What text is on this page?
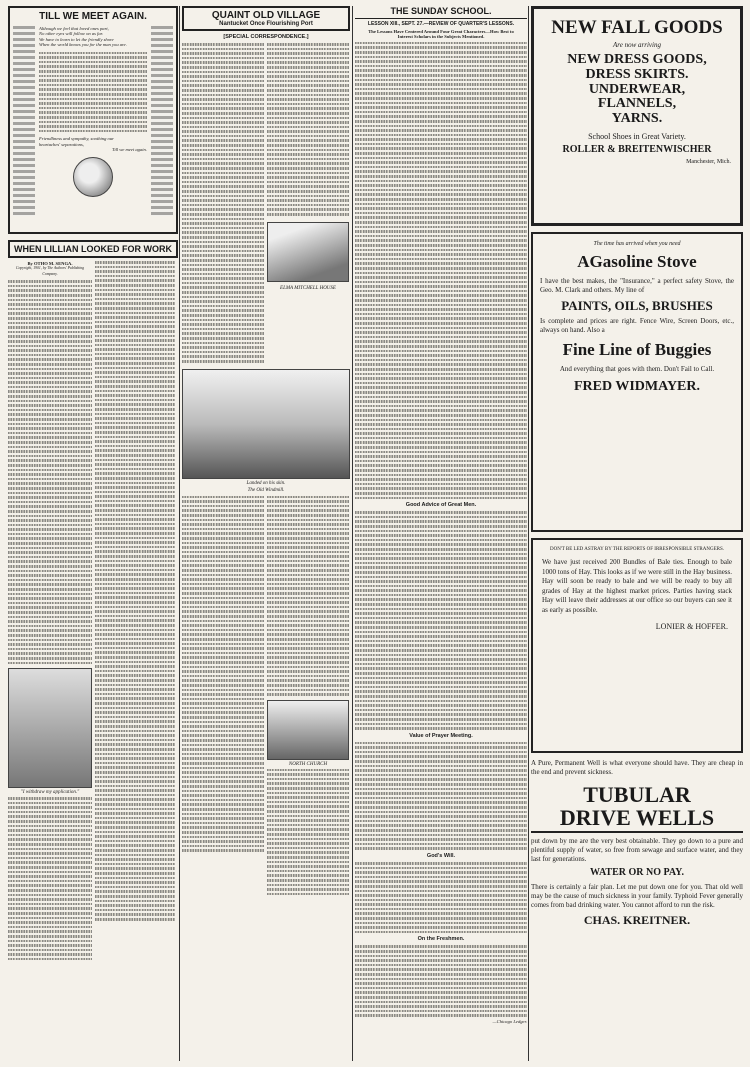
TILL WE MEET AGAIN.
Although we feel that loved ones part,
No other eyes will follow on as far.
We have to learn to let the friendly shore
When the world knows you for the man you are.
Friendliness and sympathy, soothing our
heartaches' separations,
Till we meet again.
WHEN LILLIAN LOOKED FOR WORK
By OTHO M. SENGA.
Copyright, 1901, by The Authors' Publishing Company.
"I withdraw my application."
QUAINT OLD VILLAGE
Nantucket Once Flourishing Port
[SPECIAL CORRESPONDENCE.]
ELMA MITCHELL HOUSE
Landed on his skin.
The Old Windmill.
NORTH CHURCH
THE SUNDAY SCHOOL.
LESSON XIII., SEPT. 27.—REVIEW OF QUARTER'S LESSONS.
The Lessons Have Centered Around Four Great Characters—How Best to Interest Scholars in the Subjects Mentioned.
Good Advice of Great Men.
Value of Prayer Meeting.
God's Will.
On the Freshmen.
—Chicago Ledger.
NEW FALL GOODS
Are now arriving
NEW DRESS GOODS,
DRESS SKIRTS.
UNDERWEAR,
FLANNELS,
YARNS.
School Shoes in Great Variety.
ROLLER & BREITENWISCHER
Manchester, Mich.
The time has arrived when you need
AGasoline Stove
I have the best makes, the "Insurance," a perfect safety Stove, the Geo. M. Clark and others. My line of
PAINTS, OILS, BRUSHES
Is complete and prices are right. Fence Wire, Screen Doors, etc., always on hand. Also a
Fine Line of Buggies
And everything that goes with them. Don't Fail to Call.
FRED WIDMAYER.
DON'T BE LED ASTRAY BY THE REPORTS OF IRRESPONSIBLE STRANGERS.
We have just received 200 Bundles of Bale ties. Enough to bale 1000 tons of Hay. This looks as if we were still in the Hay business. Hay will soon be ready to bale and we will be ready to buy all grades of Hay at the highest market prices. Parties having stack Hay will leave their addresses at our office so our buyers can see it as early as possible.
LONIER & HOFFER.
A Pure, Permanent Well is what everyone should have. They are cheap in the end and prevent sickness.
TUBULAR
DRIVE WELLS
put down by me are the very best obtainable. They go down to a pure and plentiful supply of water, so free from sewage and surface water, and they last for generations.
WATER OR NO PAY.
There is certainly a fair plan. Let me put down one for you. That old well may be the cause of much sickness in your family. Typhoid Fever generally comes from bad drinking water. You cannot afford to run the risk.
CHAS. KREITNER.
